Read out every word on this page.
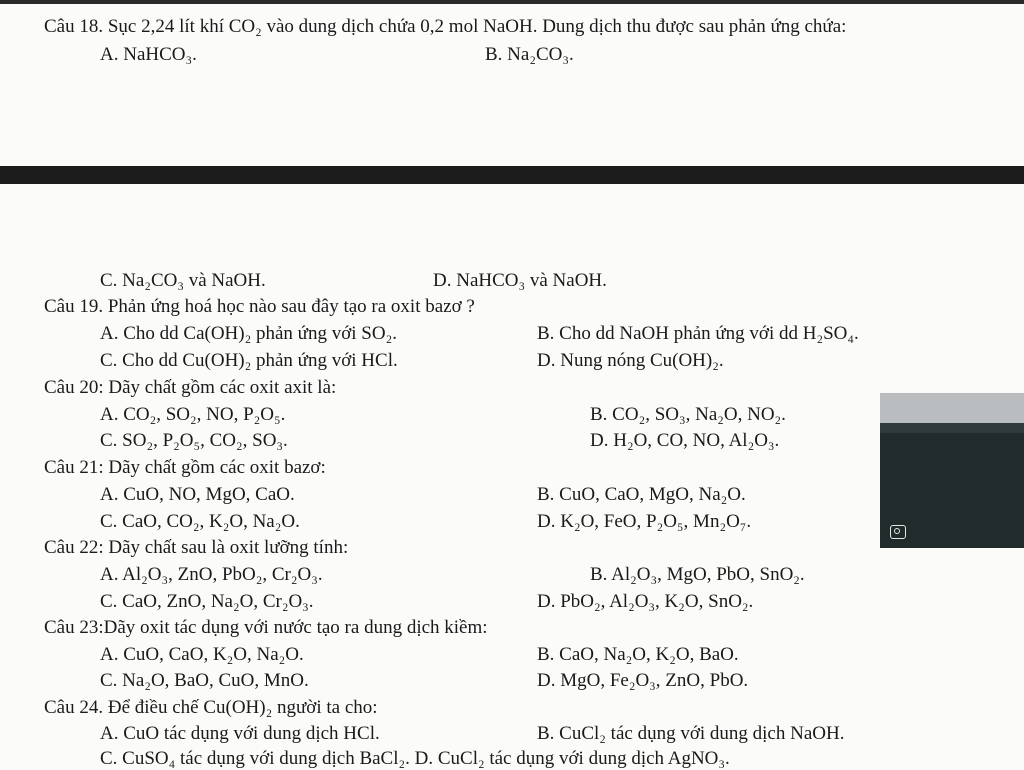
Câu 18. Sục 2,24 lít khí CO₂ vào dung dịch chứa 0,2 mol NaOH. Dung dịch thu được sau phản ứng chứa:
A. NaHCO₃.	B. Na₂CO₃.
C. Na₂CO₃ và NaOH.	D. NaHCO₃ và NaOH.
Câu 19. Phản ứng hoá học nào sau đây tạo ra oxit bazơ ?
A. Cho dd Ca(OH)₂ phản ứng với SO₂.	B. Cho dd NaOH phản ứng với dd H₂SO₄.
C. Cho dd Cu(OH)₂ phản ứng với HCl.	D. Nung nóng Cu(OH)₂.
Câu 20: Dãy chất gồm các oxit axit là:
A. CO₂, SO₂, NO, P₂O₅.	B. CO₂, SO₃, Na₂O, NO₂.
C. SO₂, P₂O₅, CO₂, SO₃.	D. H₂O, CO, NO, Al₂O₃.
Câu 21: Dãy chất gồm các oxit bazơ:
A. CuO, NO, MgO, CaO.	B. CuO, CaO, MgO, Na₂O.
C. CaO, CO₂, K₂O, Na₂O.	D. K₂O, FeO, P₂O₅, Mn₂O₇.
Câu 22: Dãy chất sau là oxit lưỡng tính:
A. Al₂O₃, ZnO, PbO₂, Cr₂O₃.	B. Al₂O₃, MgO, PbO, SnO₂.
C. CaO, ZnO, Na₂O, Cr₂O₃.	D. PbO₂, Al₂O₃, K₂O, SnO₂.
Câu 23:Dãy oxit tác dụng với nước tạo ra dung dịch kiềm:
A. CuO, CaO, K₂O, Na₂O.	B. CaO, Na₂O, K₂O, BaO.
C. Na₂O, BaO, CuO, MnO.	D. MgO, Fe₂O₃, ZnO, PbO.
Câu 24. Để điều chế Cu(OH)₂ người ta cho:
A. CuO tác dụng với dung dịch HCl.	B. CuCl₂ tác dụng với dung dịch NaOH.
C. CuSO₄ tác dụng với dung dịch BaCl₂. D. CuCl₂ tác dụng với dung dịch AgNO₃.
